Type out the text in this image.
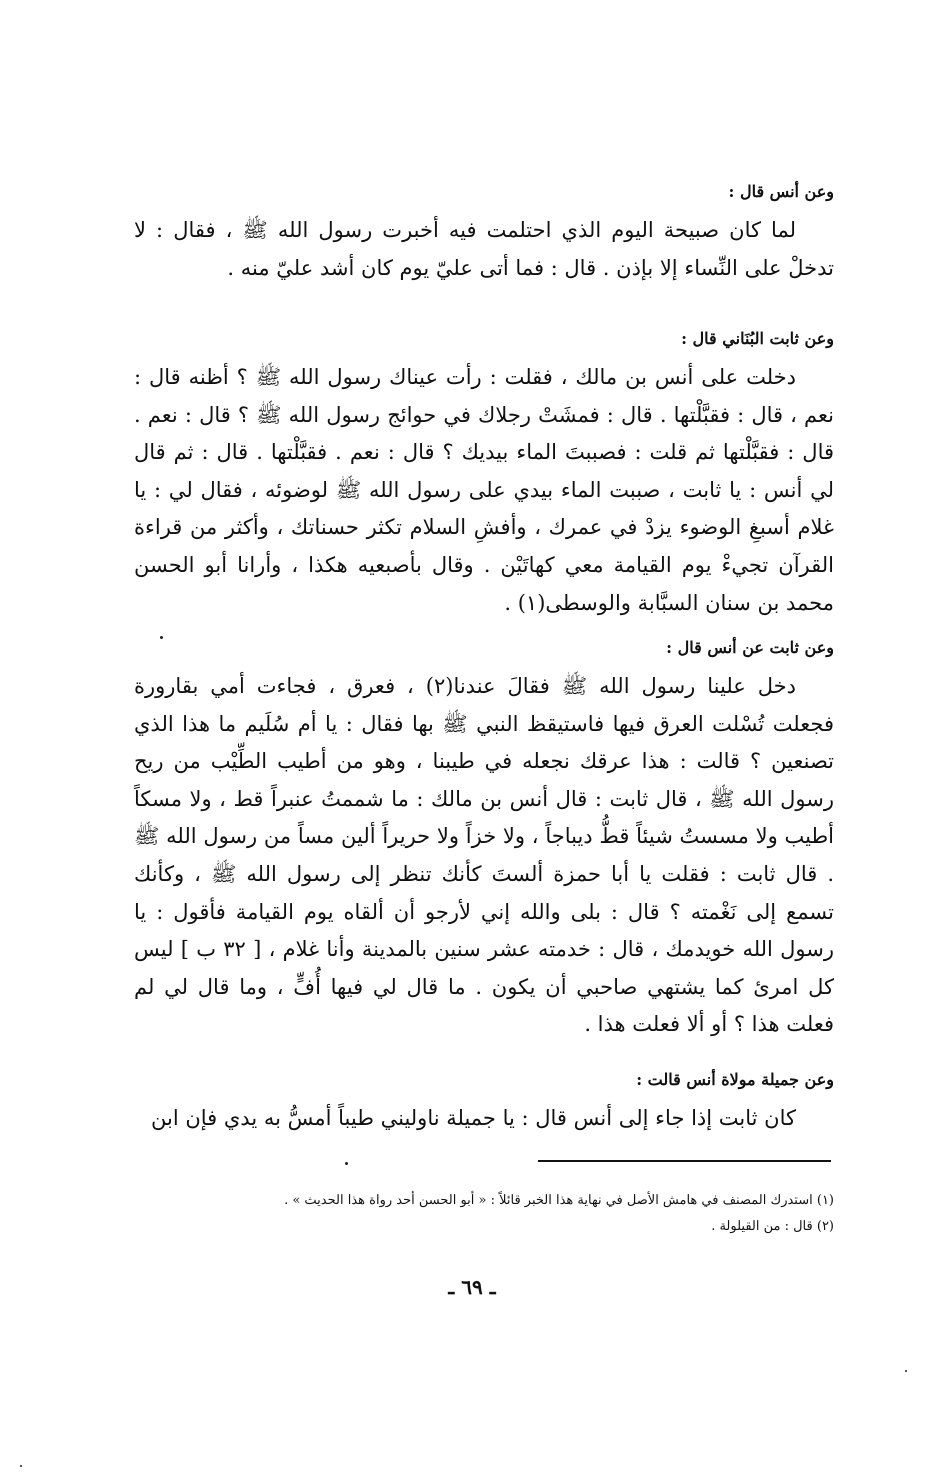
وعن أنس قال :

لما كان صبيحة اليوم الذي احتلمت فيه أخبرت رسول الله ﷺ ، فقال : لا تدخلْ على النِّساء إلا بإذن . قال : فما أتى عليّ يوم كان أشد عليّ منه .

وعن ثابت البُنَاني قال :

دخلت على أنس بن مالك ، فقلت : رأت عيناك رسول الله ﷺ ؟ أظنه قال : نعم ، قال : فقبَّلْتها . قال : فمشَتْ رجلاك في حوائج رسول الله ﷺ ؟ قال : نعم . قال : فقبَّلْتها ثم قلت : فصببتَ الماء بيديك ؟ قال : نعم . فقبَّلْتها . قال : ثم قال لي أنس : يا ثابت ، صببت الماء بيدي على رسول الله ﷺ لوضوئه ، فقال لي : يا غلام أسبغِ الوضوء يزدْ في عمرك ، وأفشِ السلام تكثر حسناتك ، وأكثر من قراءة القرآن تجيءْ يوم القيامة معي كهاتَيْن . وقال بأصبعيه هكذا ، وأرانا أبو الحسن محمد بن سنان السبَّابة والوسطى(١) .

وعن ثابت عن أنس قال :

دخل علينا رسول الله ﷺ فقالَ عندنا(٢) ، فعرق ، فجاءت أمي بقارورة فجعلت تُسْلت العرق فيها فاستيقظ النبي ﷺ بها فقال : يا أم سُلَيم ما هذا الذي تصنعين ؟ قالت : هذا عرقك نجعله في طيبنا ، وهو من أطيب الطِّيْب من ريح رسول الله ﷺ ، قال ثابت : قال أنس بن مالك : ما شممتُ عنبراً قط ، ولا مسكاً أطيب ولا مسستُ شيئاً قطُّ ديباجاً ، ولا خزاً ولا حريراً ألين مساً من رسول الله ﷺ . قال ثابت : فقلت يا أبا حمزة ألستَ كأنك تنظر إلى رسول الله ﷺ ، وكأنك تسمع إلى نَغْمته ؟ قال : بلى والله إني لأرجو أن ألقاه يوم القيامة فأقول : يا رسول الله خويدمك ، قال : خدمته عشر سنين بالمدينة وأنا غلام ، [ ٣٢ ب ] ليس كل امرئ كما يشتهي صاحبي أن يكون . ما قال لي فيها أُفٍّ ، وما قال لي لم فعلت هذا ؟ أو ألا فعلت هذا .

وعن جميلة مولاة أنس قالت :

كان ثابت إذا جاء إلى أنس قال : يا جميلة ناوليني طيباً أمسُّ به يدي فإن ابن

(١) استدرك المصنف في هامش الأصل في نهاية هذا الخبر قائلاً : « أبو الحسن أحد رواة هذا الحديث » .

(٢) قال : من القيلولة .

ـ ٦٩ ـ
